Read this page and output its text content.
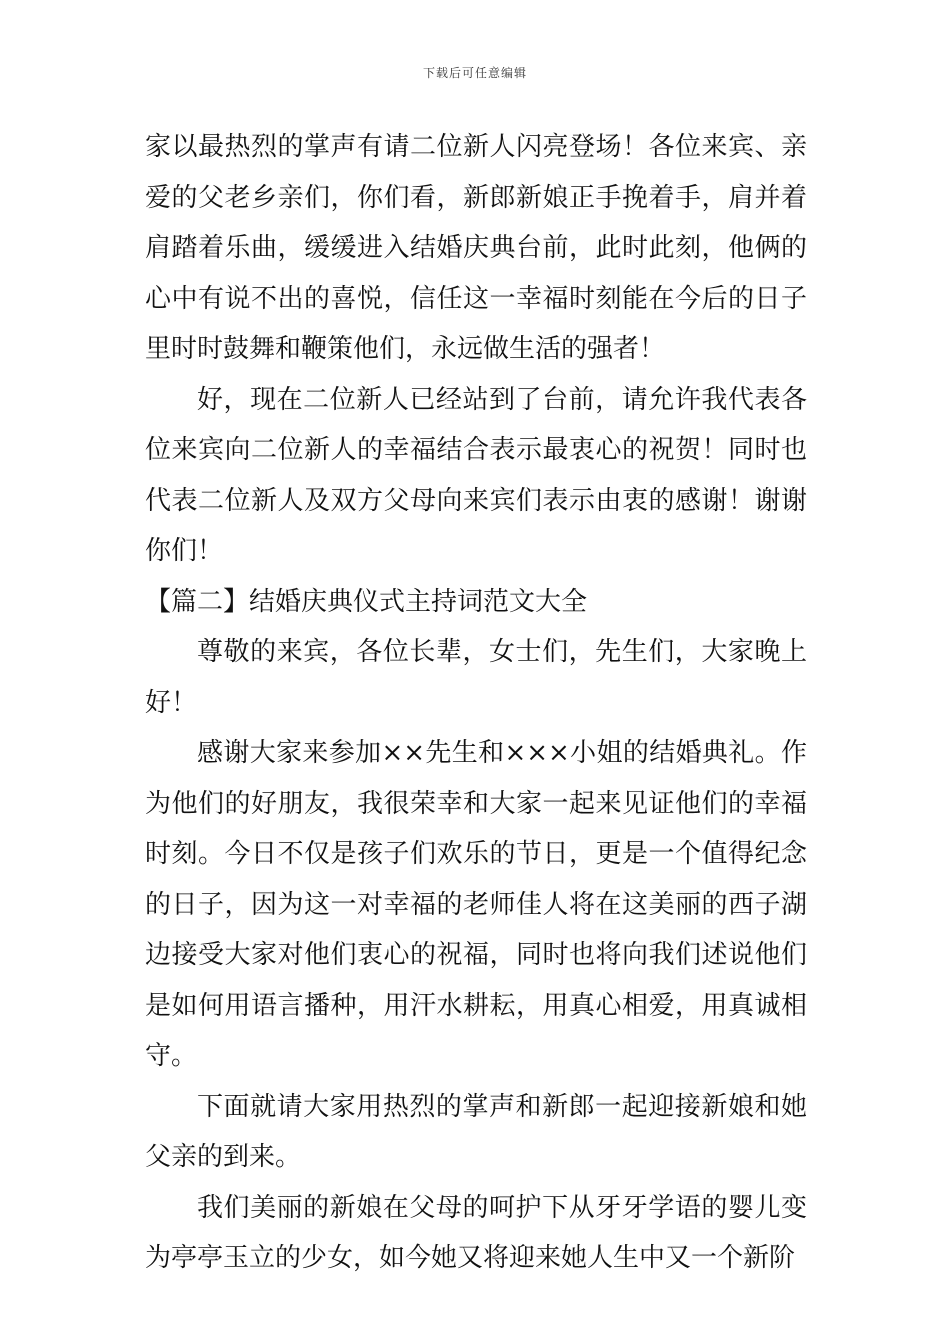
下载后可任意编辑

家以最热烈的掌声有请二位新人闪亮登场！各位来宾、亲爱的父老乡亲们，你们看，新郎新娘正手挽着手，肩并着肩踏着乐曲，缓缓进入结婚庆典台前，此时此刻，他俩的心中有说不出的喜悦，信任这一幸福时刻能在今后的日子里时时鼓舞和鞭策他们，永远做生活的强者！

好，现在二位新人已经站到了台前，请允许我代表各位来宾向二位新人的幸福结合表示最衷心的祝贺！同时也代表二位新人及双方父母向来宾们表示由衷的感谢！谢谢你们！

【篇二】结婚庆典仪式主持词范文大全

尊敬的来宾，各位长辈，女士们，先生们，大家晚上好！

感谢大家来参加××先生和×××小姐的结婚典礼。作为他们的好朋友，我很荣幸和大家一起来见证他们的幸福时刻。今日不仅是孩子们欢乐的节日，更是一个值得纪念的日子，因为这一对幸福的老师佳人将在这美丽的西子湖边接受大家对他们衷心的祝福，同时也将向我们述说他们是如何用语言播种，用汗水耕耘，用真心相爱，用真诚相守。

下面就请大家用热烈的掌声和新郎一起迎接新娘和她父亲的到来。

我们美丽的新娘在父母的呵护下从牙牙学语的婴儿变为亭亭玉立的少女，如今她又将迎来她人生中又一个新阶
